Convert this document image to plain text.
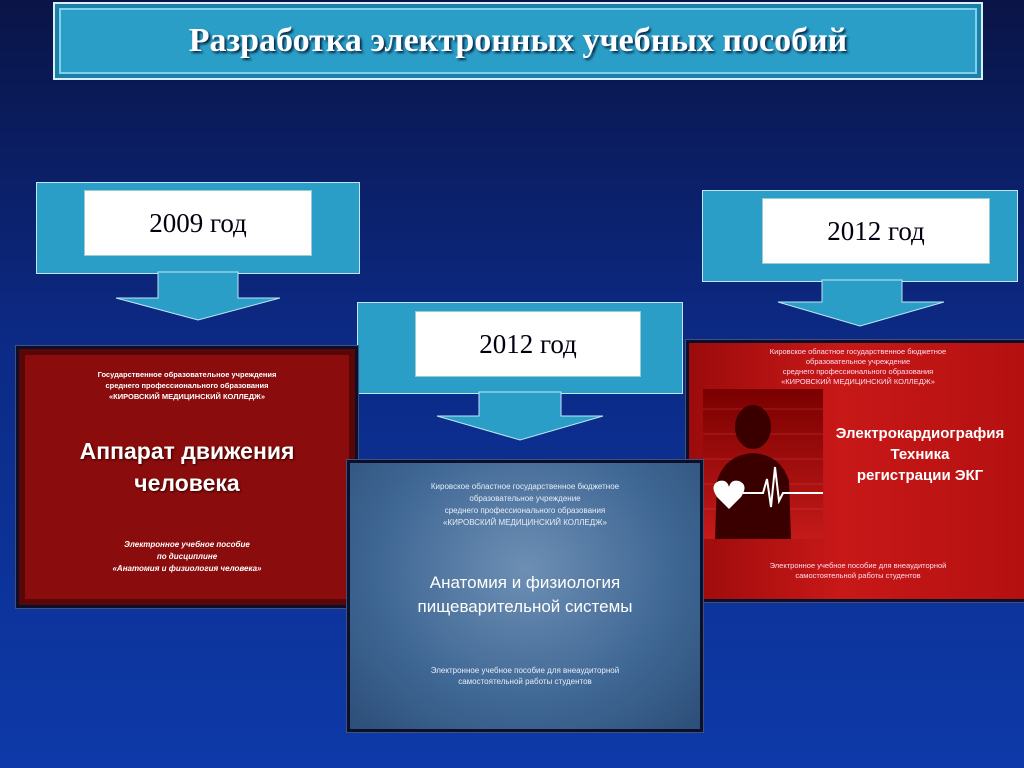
Разработка электронных учебных пособий
2009 год
2012 год
2012 год
Государственное образовательное учреждения
среднего профессионального образования
«КИРОВСКИЙ МЕДИЦИНСКИЙ КОЛЛЕДЖ»
Аппарат движения
человека
Электронное учебное пособие
по дисциплине
«Анатомия и физиология человека»
Кировское областное государственное бюджетное
образовательное учреждение
среднего профессионального образования
«КИРОВСКИЙ МЕДИЦИНСКИЙ КОЛЛЕДЖ»
Электрокардиография
Техника
регистрации ЭКГ
Электронное учебное пособие для внеаудиторной
самостоятельной работы студентов
Кировское областное государственное бюджетное
образовательное учреждение
среднего профессионального образования
«КИРОВСКИЙ МЕДИЦИНСКИЙ КОЛЛЕДЖ»
Анатомия и физиология
пищеварительной системы
Электронное учебное пособие для внеаудиторной
самостоятельной работы студентов
